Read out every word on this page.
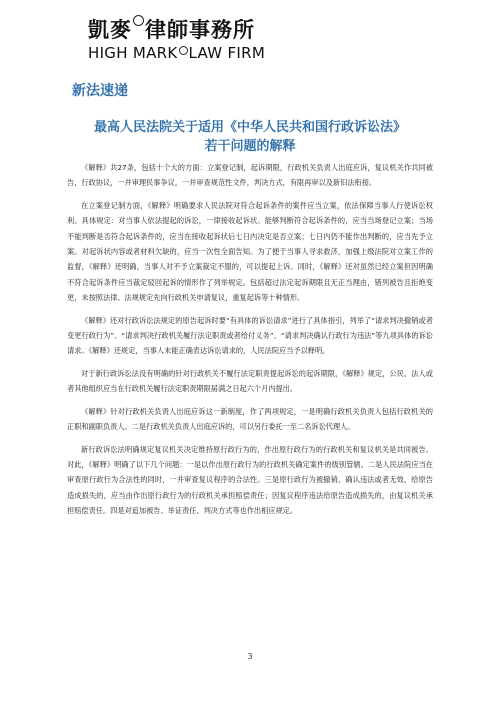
凱麥 律師事務所
HIGH MARK LAW FIRM
新法速递
最高人民法院关于适用《中华人民共和国行政诉讼法》
若干问题的解释

《解释》共27条，包括十个大的方面：立案登记制，起诉期限，行政机关负责人出庭应诉，复议机关作共同被告，行政协议，一并审理民事争议，一并审查规范性文件，判决方式，有限再审以及新旧法衔接。

在立案登记制方面，《解释》明确要求人民法院对符合起诉条件的案件应当立案，依法保障当事人行使诉讼权利。具体规定：对当事人依法提起的诉讼，一律接收起诉状。能够判断符合起诉条件的，应当当场登记立案；当场不能判断是否符合起诉条件的，应当在接收起诉状后七日内决定是否立案；七日内仍不能作出判断的，应当先予立案。对起诉状内容或者材料欠缺的，应当一次性全面告知。为了便于当事人寻求救济，加强上级法院对立案工作的监督，《解释》还明确，当事人对不予立案裁定不服的，可以提起上诉。同时，《解释》还对虽然已经立案但因明确不符合起诉条件应当裁定驳回起诉的情形作了列举规定。包括超过法定起诉期限且无正当理由，错列被告且拒绝变更，未按照法律、法规规定先向行政机关申请复议，重复起诉等十种情形。

《解释》还对行政诉讼法规定的原告起诉时要“有具体的诉讼请求”进行了具体指引，列举了“请求判决撤销或者变更行政行为”、“请求判决行政机关履行法定职责或者给付义务”、“请求判决确认行政行为违法”等九项具体的诉讼请求。《解释》还规定，当事人未能正确表达诉讼请求的，人民法院应当予以释明。

对于新行政诉讼法没有明确的针对行政机关不履行法定职责提起诉讼的起诉期限，《解释》规定，公民、法人或者其他组织应当在行政机关履行法定职责期限届满之日起六个月内提出。

《解释》针对行政机关负责人出庭应诉这一新制度，作了两项规定，一是明确行政机关负责人包括行政机关的正职和副职负责人。二是行政机关负责人出庭应诉的，可以另行委托一至二名诉讼代理人。

新行政诉讼法明确规定复议机关决定维持原行政行为的，作出原行政行为的行政机关和复议机关是共同被告。对此，《解释》明确了以下几个问题：一是以作出原行政行为的行政机关确定案件的级别管辖。二是人民法院应当在审查原行政行为合法性的同时，一并审查复议程序的合法性。三是原行政行为被撤销、确认违法或者无效，给原告造成损失的，应当由作出原行政行为的行政机关承担赔偿责任；因复议程序违法给原告造成损失的，由复议机关承担赔偿责任。四是对追加被告、举证责任、判决方式等也作出相应规定。

3
